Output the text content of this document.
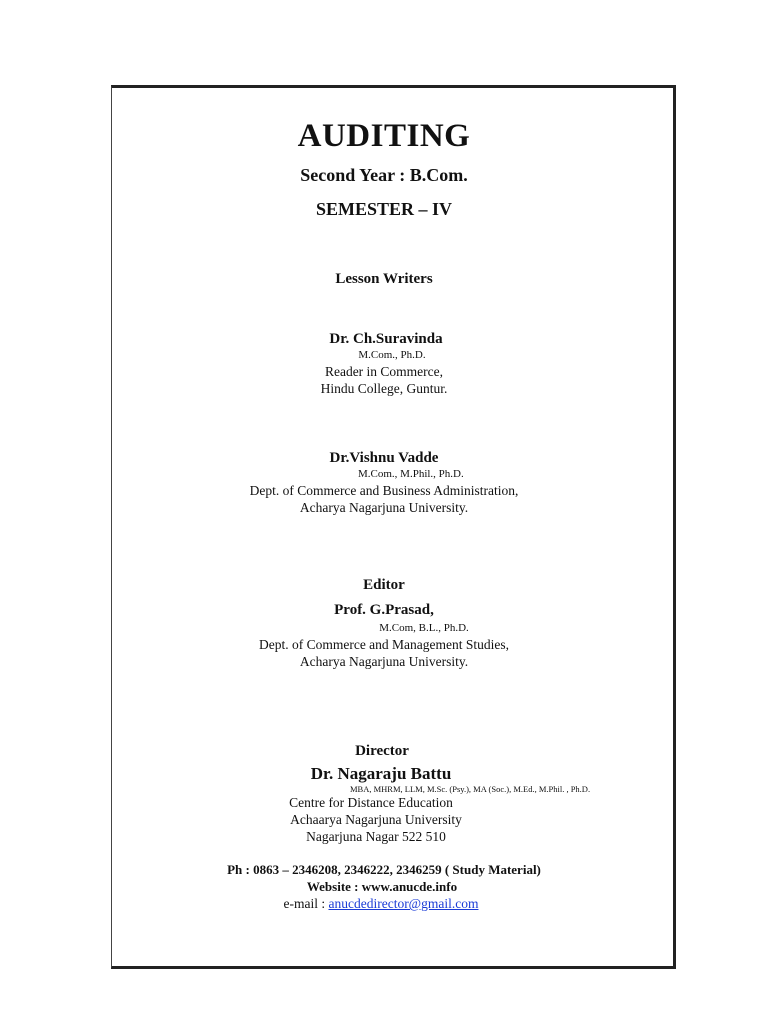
AUDITING
Second Year : B.Com.
SEMESTER – IV
Lesson Writers
Dr. Ch.Suravinda
M.Com., Ph.D.
Reader in Commerce,
Hindu College, Guntur.
Dr.Vishnu Vadde
M.Com., M.Phil., Ph.D.
Dept. of Commerce and Business Administration,
Acharya Nagarjuna University.
Editor
Prof. G.Prasad,
M.Com, B.L., Ph.D.
Dept. of Commerce and Management Studies,
Acharya Nagarjuna University.
Director
Dr. Nagaraju Battu
MBA, MHRM, LLM, M.Sc. (Psy.), MA (Soc.), M.Ed., M.Phil. , Ph.D.
Centre for Distance Education
Achaarya Nagarjuna University
Nagarjuna Nagar 522 510
Ph : 0863 – 2346208, 2346222, 2346259 ( Study Material)
Website : www.anucde.info
e-mail : anucdedirector@gmail.com
